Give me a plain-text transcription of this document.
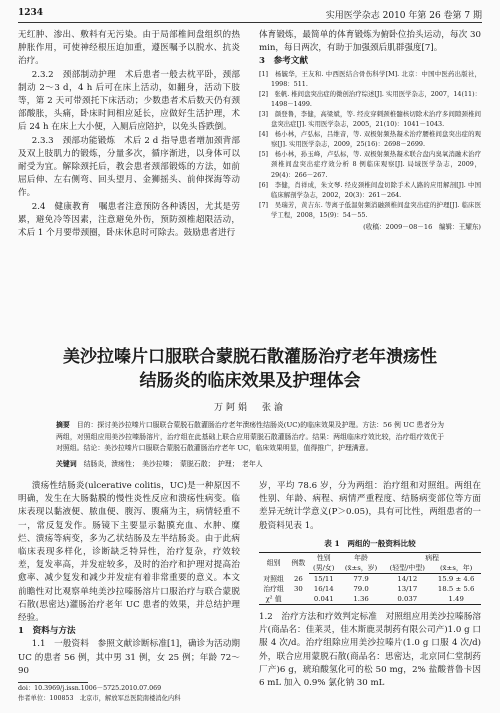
1234	实用医学杂志 2010 年第 26 卷第 7 期

无红肿、渗出、敷料有无污染。由于局部椎间盘组织的热肿胀作用，可使神经根压迫加重，遵医嘱予以脱水、抗炎治疗。

2.3.2　颈部制动护理　术后患者一般去枕平卧，颈部制动 2～3 d，4 h 后可在床上活动，如翻身，活动下肢等，第 2 天可带颈托下床活动；少数患者术后数天仍有颈部酸胀，头痛，卧床时间相应延长，应做好生活护理，术后 24 h 在床上大小便，入厕后应陪护，以免头昏跌倒。

2.3.3　颈部功能锻炼　术后 2 d 指导患者增加颈背部及双上肢肌力的锻炼，分量多次，循序渐进，以身体可以耐受为宜。解除颈托后，教会患者颈部锻炼的方法，如前屈后伸、左右侧弯、回头望月、金狮摇头、前伸探海等动作。

2.4　健康教育　嘱患者注意预防各种诱因，尤其是劳累，避免冷等因素，注意避免外伤，预防颈椎超限活动，术后 1 个月要带颈圈，卧床休息时可除去。鼓励患者进行

体育锻炼，最简单的体育锻炼为俯卧位抬头运动，每次 30 min，每日两次，有助于加强颈后肌群强度[7]。

3　参考文献
[1]　杨毓华，王友和. 中西医结合骨伤科学[M]. 北京：中国中医药出版社，1998：511.
[2]　张帆. 椎间盘突出症的微创治疗综述[J]. 实用医学杂志，2007，14(11)：1498－1499.
[3]　颜登鲁，李健，高梁斌，等. 经皮穿刺颈椎髓核切除术治疗多间隙颈椎间盘突出症[J]. 实用医学杂志，2005，21(10)：1041－1043.
[4]　杨小林，卢弘标，吕维音，等. 双极射频热凝术治疗腰椎间盘突出症的观察[J]. 实用医学杂志，2009，25(16)：2698－2699.
[5]　杨小林，孙玉峰，卢弘标，等. 双极射频热凝术联合盘内臭氧消融术治疗颈椎间盘突出症疗效分析 8 例临床观察[J]. 局域医学杂志，2009，29(4)：266－267.
[6]　李健，肖祥成，朱文琴. 经皮颈椎间盘切除手术人路的应用解剖[J]. 中国临床解剖学杂志，2002，20(3)：261－264.
[7]　吴瑞芳，黄吉东. 等离子低温射频消融颈椎间盘突出症的护理[J]. 临床医学工程，2008，15(9)：54－55.
(收稿：2009－08－16　编辑：王耀东)
美沙拉嗪片口服联合蒙脱石散灌肠治疗老年溃疡性
结肠炎的临床效果及护理体会
万阿娟　张渝
摘要　 目的：探讨美沙拉嗪片口服联合蒙脱石散灌肠治疗老年溃疡性结肠炎(UC)的临床效果及护理。方法：56 例 UC 患者分为两组，对照组应用美沙拉嗪肠溶片，治疗组在此基础上联合应用蒙脱石散灌肠治疗。结果：两组临床疗效比较，治疗组疗效优于对照组。结论：美沙拉嗪片口服联合蒙脱石散灌肠治疗老年 UC，临床效果明显，值得推广，护理满意。
关键词　 结肠炎，溃疡性；　美沙拉嗪；　蒙脱石散；　护理；　老年人

溃疡性结肠炎(ulcerative colitis，UC)是一种原因不明确，发生在大肠黏膜的慢性炎性反应和溃疡性病变。临床表现以黏液便、脓血便、腹泻、腹痛为主，病情轻重不一，常反复发作。肠镜下主要显示黏膜充血、水肿、糜烂、溃疡等病变，多为乙状结肠及左半结肠炎。由于此病临床表现多样化，诊断缺乏特异性，治疗复杂，疗效较差，复发率高，并发症较多，及时的治疗和护理对提高治愈率、减少复发和减少并发症有着非常重要的意义。本文前瞻性对比观察单纯美沙拉嗪肠溶片口服治疗与联合蒙脱石散(思密达)灌肠治疗老年 UC 患者的效果，并总结护理经验。

1　资料与方法

1.1　一般资料　参照文献诊断标准[1]，确诊为活动期 UC 的患者 56 例，其中男 31 例，女 25 例；年龄 72～90

岁，平均 78.6 岁，分为两组：治疗组和对照组。两组在性别、年龄、病程、病情严重程度、结肠病变部位等方面差异无统计学意义(P＞0.05)，具有可比性，两组患者的一般资料见表 1。

表 1　两组的一般资料比较
组别	例数	性别	年龄	病程	
		(男/女)	(x̄±s，岁)	(轻型/中型)	(x̄±s，年)
对照组	26	15/11	77.9	14/12	15.9 ± 4.6
治疗组	30	16/14	79.0	13/17	18.5 ± 5.6
χ² 值		0.041	1.36	0.037	1.49

1.2　治疗方法和疗效判定标准　对照组应用美沙拉嗪肠溶片(商品名：佳莱灵，佳木斯鹿灵制药有限公司产)1.0 g 口服 4 次/d。治疗组除应用美沙拉嗪片(1.0 g 口服 4 次/d)外，联合应用蒙脱石散(商品名：思密达，北京同仁堂制药厂产)6 g，琥珀酸氢化可的松 50 mg，2% 盐酸普鲁卡因 6 mL 加入 0.9% 氯化钠 30 mL

doi：10.3969/j.issn.1006－5725.2010.07.069
作者单位：100853　北京市，解放军总医院南楼消化内科
